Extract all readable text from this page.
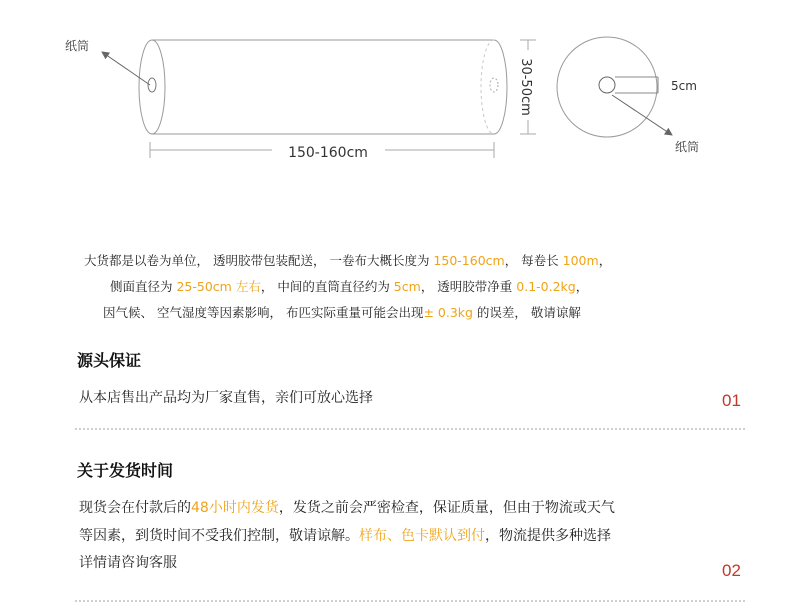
纸筒
150-160cm
30-50cm	5cm
纸筒
大货都是以卷为单位， 透明胶带包装配送， 一卷布大概长度为 150-160cm， 每卷长 100m，
侧面直径为 25-50cm 左右， 中间的直筒直径约为 5cm， 透明胶带净重 0.1-0.2kg，
因气候、 空气湿度等因素影响， 布匹实际重量可能会出现± 0.3kg 的误差， 敬请谅解
源头保证
从本店售出产品均为厂家直售，亲们可放心选择	01
关于发货时间
现货会在付款后的48小时内发货，发货之前会严密检查，保证质量，但由于物流或天气
等因素，到货时间不受我们控制，敬请谅解。样布、色卡默认到付，物流提供多种选择
详情请咨询客服	02
